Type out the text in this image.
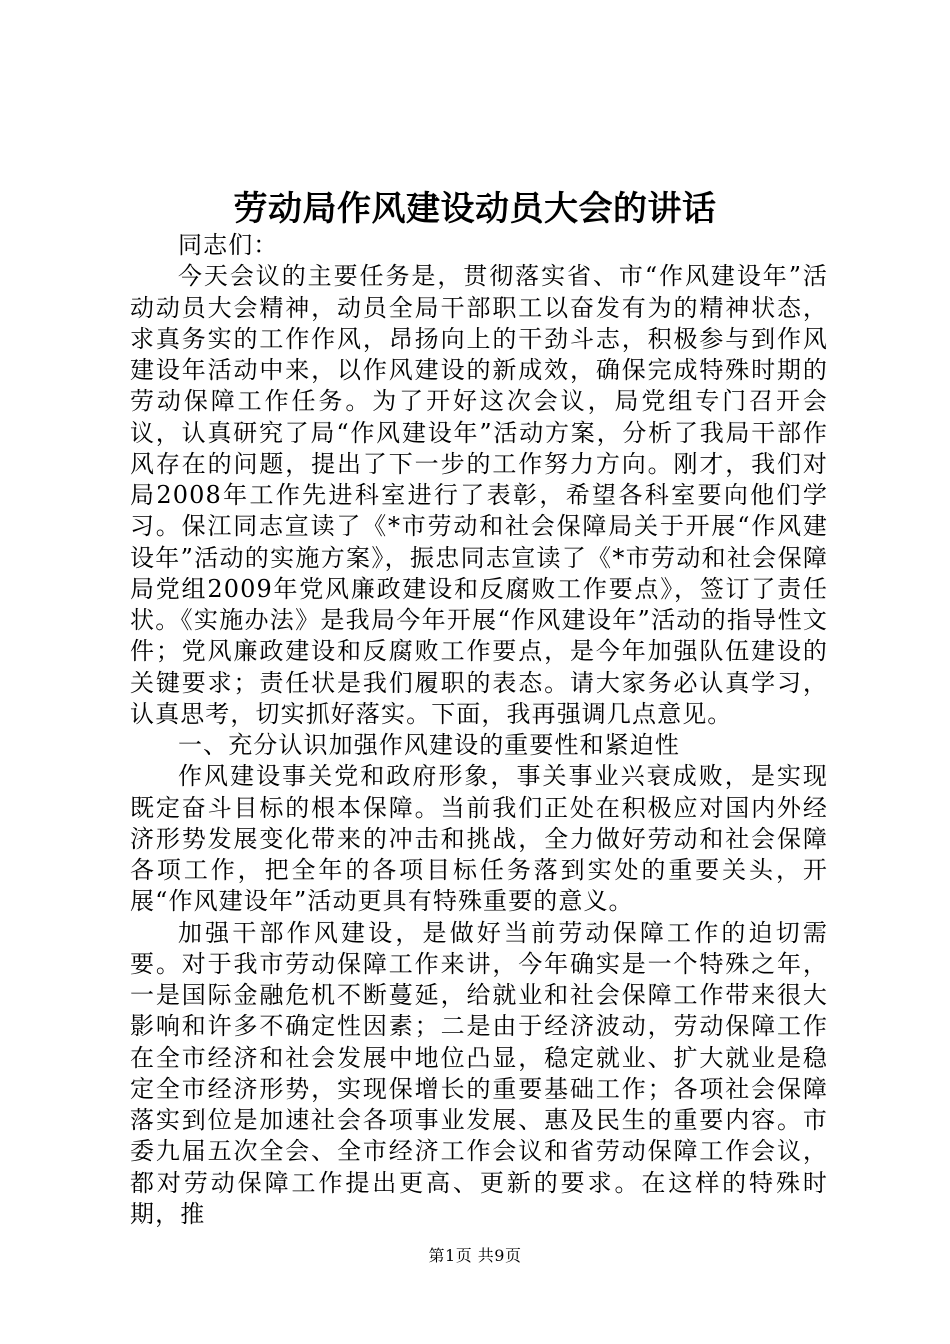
劳动局作风建设动员大会的讲话

同志们：

今天会议的主要任务是，贯彻落实省、市“作风建设年”活动动员大会精神，动员全局干部职工以奋发有为的精神状态，求真务实的工作作风，昂扬向上的干劲斗志，积极参与到作风建设年活动中来，以作风建设的新成效，确保完成特殊时期的劳动保障工作任务。为了开好这次会议，局党组专门召开会议，认真研究了局“作风建设年”活动方案，分析了我局干部作风存在的问题，提出了下一步的工作努力方向。刚才，我们对局2008年工作先进科室进行了表彰，希望各科室要向他们学习。保江同志宣读了《*市劳动和社会保障局关于开展“作风建设年”活动的实施方案》，振忠同志宣读了《*市劳动和社会保障局党组2009年党风廉政建设和反腐败工作要点》，签订了责任状。《实施办法》是我局今年开展“作风建设年”活动的指导性文件；党风廉政建设和反腐败工作要点，是今年加强队伍建设的关键要求；责任状是我们履职的表态。请大家务必认真学习，认真思考，切实抓好落实。下面，我再强调几点意见。

一、充分认识加强作风建设的重要性和紧迫性

作风建设事关党和政府形象，事关事业兴衰成败，是实现既定奋斗目标的根本保障。当前我们正处在积极应对国内外经济形势发展变化带来的冲击和挑战，全力做好劳动和社会保障各项工作，把全年的各项目标任务落到实处的重要关头，开展“作风建设年”活动更具有特殊重要的意义。

加强干部作风建设，是做好当前劳动保障工作的迫切需要。对于我市劳动保障工作来讲，今年确实是一个特殊之年，一是国际金融危机不断蔓延，给就业和社会保障工作带来很大影响和许多不确定性因素；二是由于经济波动，劳动保障工作在全市经济和社会发展中地位凸显，稳定就业、扩大就业是稳定全市经济形势，实现保增长的重要基础工作；各项社会保障落实到位是加速社会各项事业发展、惠及民生的重要内容。市委九届五次全会、全市经济工作会议和省劳动保障工作会议，都对劳动保障工作提出更高、更新的要求。在这样的特殊时期，推

第1页 共9页
